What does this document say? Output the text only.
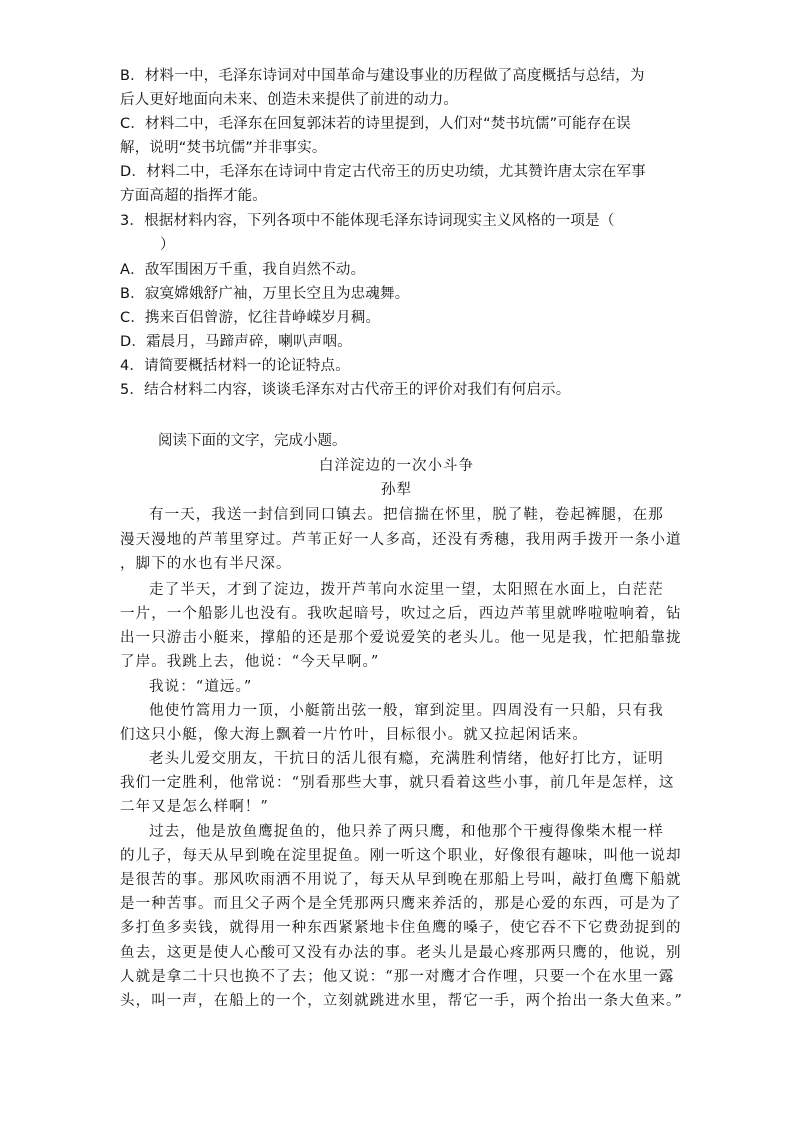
B．材料一中，毛泽东诗词对中国革命与建设事业的历程做了高度概括与总结，为
后人更好地面向未来、创造未来提供了前进的动力。
C．材料二中，毛泽东在回复郭沫若的诗里提到，人们对“焚书坑儒”可能存在误
解，说明“焚书坑儒”并非事实。
D．材料二中，毛泽东在诗词中肯定古代帝王的历史功绩，尤其赞许唐太宗在军事
方面高超的指挥才能。
3．根据材料内容，下列各项中不能体现毛泽东诗词现实主义风格的一项是（
）
A．敌军围困万千重，我自岿然不动。
B．寂寞嫦娥舒广袖，万里长空且为忠魂舞。
C．携来百侣曾游，忆往昔峥嵘岁月稠。
D．霜晨月，马蹄声碎，喇叭声咽。
4．请简要概括材料一的论证特点。
5．结合材料二内容，谈谈毛泽东对古代帝王的评价对我们有何启示。
阅读下面的文字，完成小题。
白洋淀边的一次小斗争
孙犁
有一天，我送一封信到同口镇去。把信揣在怀里，脱了鞋，卷起裤腿，在那
漫天漫地的芦苇里穿过。芦苇正好一人多高，还没有秀穗，我用两手拨开一条小道
，脚下的水也有半尺深。
走了半天，才到了淀边，拨开芦苇向水淀里一望，太阳照在水面上，白茫茫
一片，一个船影儿也没有。我吹起暗号，吹过之后，西边芦苇里就哗啦啦响着，钻
出一只游击小艇来，撑船的还是那个爱说爱笑的老头儿。他一见是我，忙把船靠拢
了岸。我跳上去，他说：“今天早啊。”
我说：“道远。”
他使竹篙用力一顶，小艇箭出弦一般，窜到淀里。四周没有一只船，只有我
们这只小艇，像大海上飘着一片竹叶，目标很小。就又拉起闲话来。
老头儿爱交朋友，干抗日的活儿很有瘾，充满胜利情绪，他好打比方，证明
我们一定胜利，他常说：“别看那些大事，就只看着这些小事，前几年是怎样，这
二年又是怎么样啊！”
过去，他是放鱼鹰捉鱼的，他只养了两只鹰，和他那个干瘦得像柴木棍一样
的儿子，每天从早到晚在淀里捉鱼。刚一听这个职业，好像很有趣味，叫他一说却
是很苦的事。那风吹雨洒不用说了，每天从早到晚在那船上号叫，敲打鱼鹰下船就
是一种苦事。而且父子两个是全凭那两只鹰来养活的，那是心爱的东西，可是为了
多打鱼多卖钱，就得用一种东西紧紧地卡住鱼鹰的嗓子，使它吞不下它费劲捉到的
鱼去，这更是使人心酸可又没有办法的事。老头儿是最心疼那两只鹰的，他说，别
人就是拿二十只也换不了去；他又说：“那一对鹰才合作哩，只要一个在水里一露
头，叫一声，在船上的一个，立刻就跳进水里，帮它一手，两个抬出一条大鱼来。”
